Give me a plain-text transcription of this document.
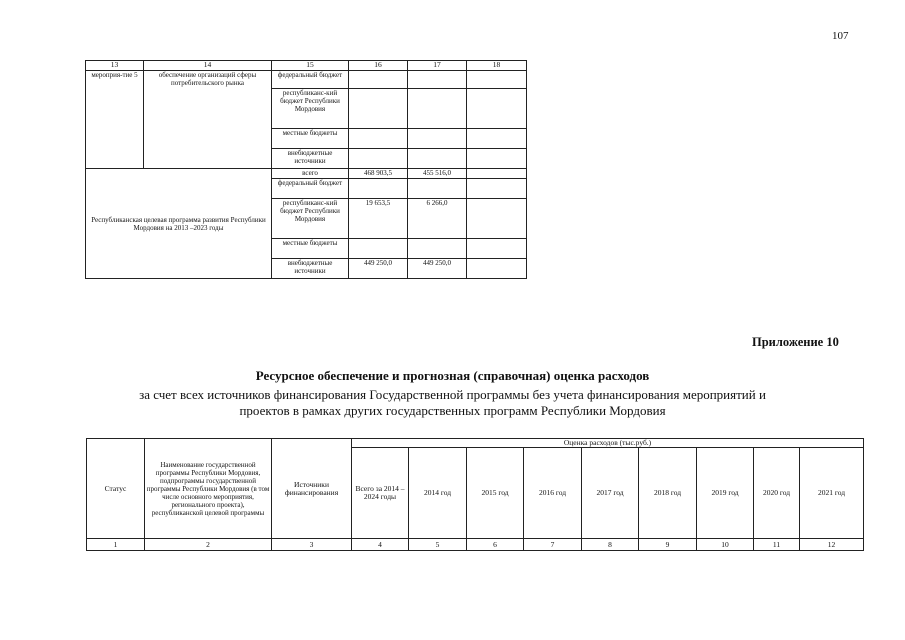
107
13	14	15	16	17	18
мероприя-тие 5	обеспечение организаций сферы потребительского рынка	федеральный бюджет			
		республиканс-кий бюджет Республики Мордовия			
		местные бюджеты			
		внебюджетные источники			
Республиканская целевая программа развития Республики Мордовия на 2013 –2023 годы		всего	468 903,5	455 516,0	
		федеральный бюджет			
		республиканс-кий бюджет Республики Мордовия	19 653,5	6 266,0	
		местные бюджеты			
		внебюджетные источники	449 250,0	449 250,0	
Приложение 10
Ресурсное обеспечение и прогнозная (справочная) оценка расходов
за счет всех источников финансирования Государственной программы без учета финансирования мероприятий и
проектов в рамках других государственных программ Республики Мордовия
Статус	Наименование государственной программы Республики Мордовия, подпрограммы государственной программы Республики Мордовия (в том числе основного мероприятия, регионального проекта), республиканской целевой программы	Источники финансирования	Оценка расходов (тыс.руб.)								
			Всего за 2014 – 2024 годы	2014 год	2015 год	2016 год	2017 год	2018 год	2019 год	2020 год	2021 год
1	2	3	4	5	6	7	8	9	10	11	12
